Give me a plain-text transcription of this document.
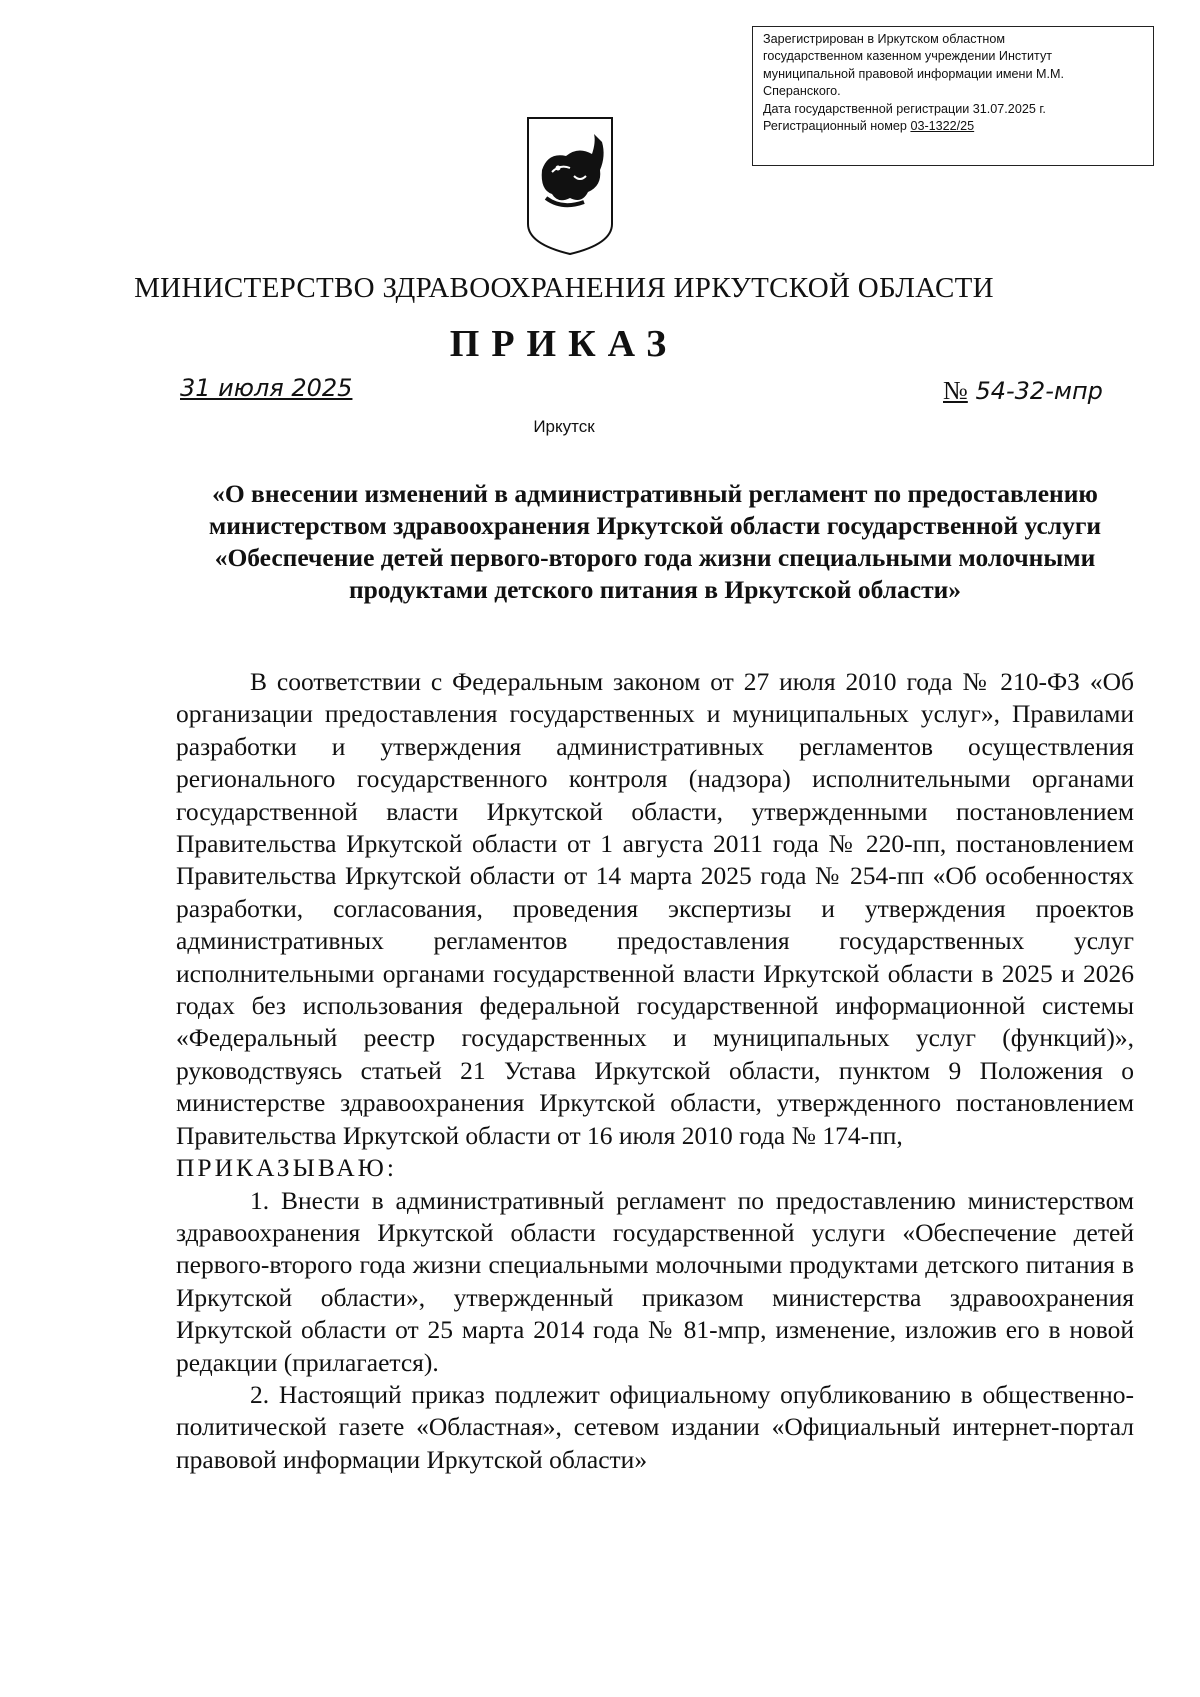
Зарегистрирован в Иркутском областном
государственном казенном учреждении Институт
муниципальной правовой информации имени М.М.
Сперанского.
Дата государственной регистрации 31.07.2025 г.
Регистрационный номер 03-1322/25
МИНИСТЕРСТВО ЗДРАВООХРАНЕНИЯ ИРКУТСКОЙ ОБЛАСТИ
ПРИКАЗ
31 июля 2025	№ 54-32-мпр
Иркутск
«О внесении изменений в административный регламент по предоставлению министерством здравоохранения Иркутской области государственной услуги «Обеспечение детей первого-второго года жизни специальными молочными продуктами детского питания в Иркутской области»

В соответствии с Федеральным законом от 27 июля 2010 года № 210-ФЗ «Об организации предоставления государственных и муниципальных услуг», Правилами разработки и утверждения административных регламентов осуществления регионального государственного контроля (надзора) исполнительными органами государственной власти Иркутской области, утвержденными постановлением Правительства Иркутской области от 1 августа 2011 года № 220-пп, постановлением Правительства Иркутской области от 14 марта 2025 года № 254-пп «Об особенностях разработки, согласования, проведения экспертизы и утверждения проектов административных регламентов предоставления государственных услуг исполнительными органами государственной власти Иркутской области в 2025 и 2026 годах без использования федеральной государственной информационной системы «Федеральный реестр государственных и муниципальных услуг (функций)», руководствуясь статьей 21 Устава Иркутской области, пунктом 9 Положения о министерстве здравоохранения Иркутской области, утвержденного постановлением Правительства Иркутской области от 16 июля 2010 года № 174-пп,

ПРИКАЗЫВАЮ:

1. Внести в административный регламент по предоставлению министерством здравоохранения Иркутской области государственной услуги «Обеспечение детей первого-второго года жизни специальными молочными продуктами детского питания в Иркутской области», утвержденный приказом министерства здравоохранения Иркутской области от 25 марта 2014 года № 81-мпр, изменение, изложив его в новой редакции (прилагается).

2. Настоящий приказ подлежит официальному опубликованию в общественно-политической газете «Областная», сетевом издании «Официальный интернет-портал правовой информации Иркутской области»
